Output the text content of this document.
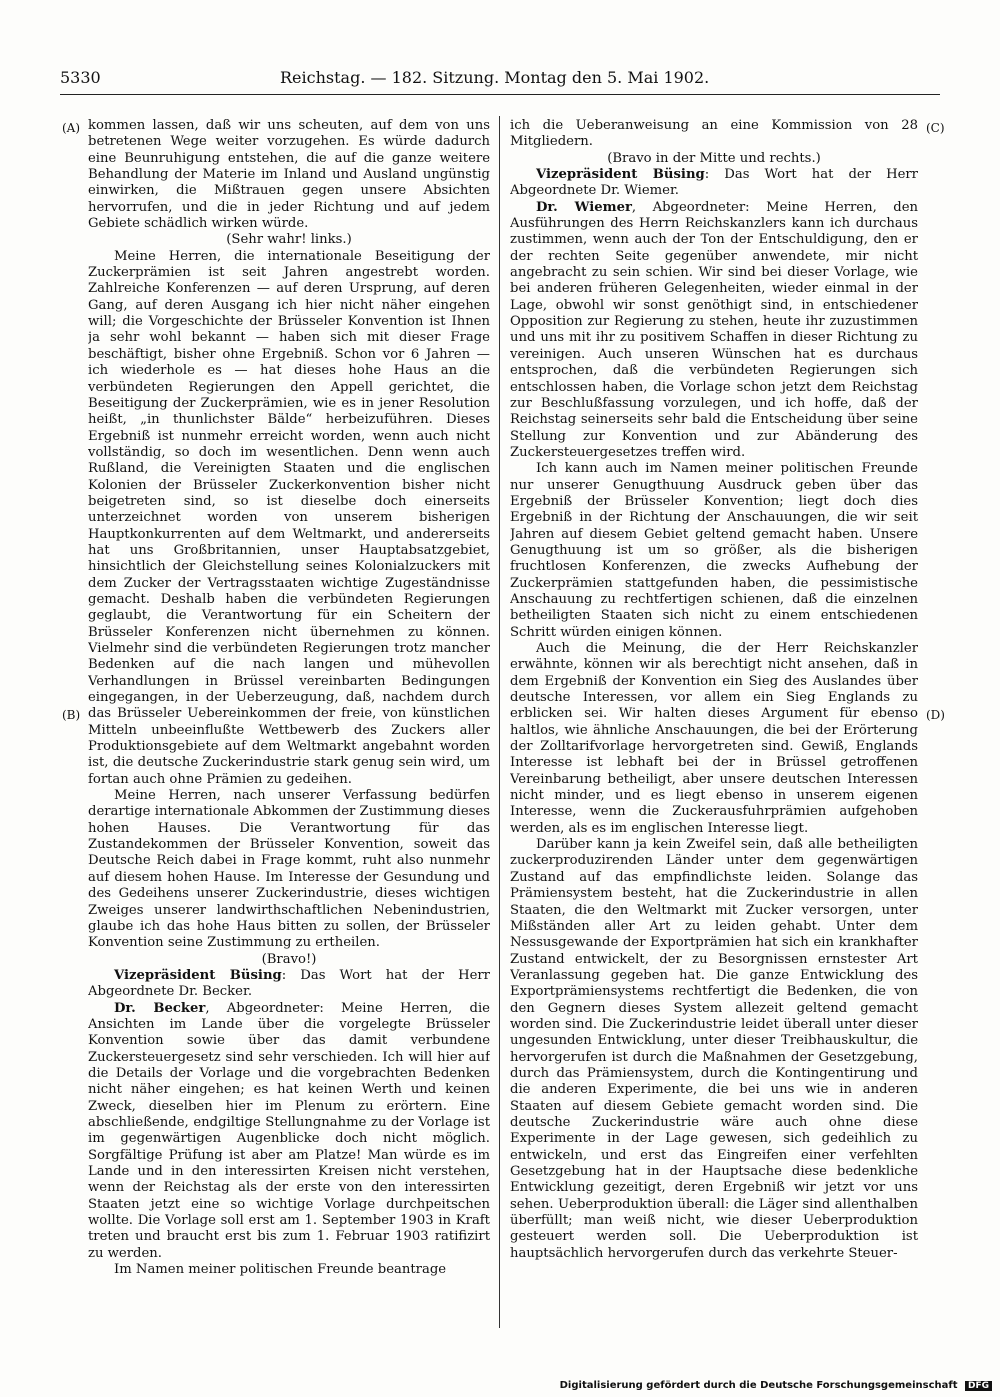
5330	Reichstag. — 182. Sitzung. Montag den 5. Mai 1902.
(A)
(B)
(C)
(D)

kommen lassen, daß wir uns scheuten, auf dem von uns betretenen Wege weiter vorzugehen. Es würde dadurch eine Beunruhigung entstehen, die auf die ganze weitere Behandlung der Materie im Inland und Ausland ungünstig einwirken, die Mißtrauen gegen unsere Absichten hervorrufen, und die in jeder Richtung und auf jedem Gebiete schädlich wirken würde.

(Sehr wahr! links.)

Meine Herren, die internationale Beseitigung der Zuckerprämien ist seit Jahren angestrebt worden. Zahlreiche Konferenzen — auf deren Ursprung, auf deren Gang, auf deren Ausgang ich hier nicht näher eingehen will; die Vorgeschichte der Brüsseler Konvention ist Ihnen ja sehr wohl bekannt — haben sich mit dieser Frage beschäftigt, bisher ohne Ergebniß. Schon vor 6 Jahren — ich wiederhole es — hat dieses hohe Haus an die verbündeten Regierungen den Appell gerichtet, die Beseitigung der Zuckerprämien, wie es in jener Resolution heißt, „in thunlichster Bälde“ herbeizuführen. Dieses Ergebniß ist nunmehr erreicht worden, wenn auch nicht vollständig, so doch im wesentlichen. Denn wenn auch Rußland, die Vereinigten Staaten und die englischen Kolonien der Brüsseler Zuckerkonvention bisher nicht beigetreten sind, so ist dieselbe doch einerseits unterzeichnet worden von unserem bisherigen Hauptkonkurrenten auf dem Weltmarkt, und andererseits hat uns Großbritannien, unser Hauptabsatzgebiet, hinsichtlich der Gleichstellung seines Kolonialzuckers mit dem Zucker der Vertragsstaaten wichtige Zugeständnisse gemacht. Deshalb haben die verbündeten Regierungen geglaubt, die Verantwortung für ein Scheitern der Brüsseler Konferenzen nicht übernehmen zu können. Vielmehr sind die verbündeten Regierungen trotz mancher Bedenken auf die nach langen und mühevollen Verhandlungen in Brüssel vereinbarten Bedingungen eingegangen, in der Ueberzeugung, daß, nachdem durch das Brüsseler Uebereinkommen der freie, von künstlichen Mitteln unbeeinflußte Wettbewerb des Zuckers aller Produktionsgebiete auf dem Weltmarkt angebahnt worden ist, die deutsche Zuckerindustrie stark genug sein wird, um fortan auch ohne Prämien zu gedeihen.

Meine Herren, nach unserer Verfassung bedürfen derartige internationale Abkommen der Zustimmung dieses hohen Hauses. Die Verantwortung für das Zustandekommen der Brüsseler Konvention, soweit das Deutsche Reich dabei in Frage kommt, ruht also nunmehr auf diesem hohen Hause. Im Interesse der Gesundung und des Gedeihens unserer Zuckerindustrie, dieses wichtigen Zweiges unserer landwirthschaftlichen Nebenindustrien, glaube ich das hohe Haus bitten zu sollen, der Brüsseler Konvention seine Zustimmung zu ertheilen.

(Bravo!)

Vizepräsident Büsing: Das Wort hat der Herr Abgeordnete Dr. Becker.

Dr. Becker, Abgeordneter: Meine Herren, die Ansichten im Lande über die vorgelegte Brüsseler Konvention sowie über das damit verbundene Zuckersteuergesetz sind sehr verschieden. Ich will hier auf die Details der Vorlage und die vorgebrachten Bedenken nicht näher eingehen; es hat keinen Werth und keinen Zweck, dieselben hier im Plenum zu erörtern. Eine abschließende, endgiltige Stellungnahme zu der Vorlage ist im gegenwärtigen Augenblicke doch nicht möglich. Sorgfältige Prüfung ist aber am Platze! Man würde es im Lande und in den interessirten Kreisen nicht verstehen, wenn der Reichstag als der erste von den interessirten Staaten jetzt eine so wichtige Vorlage durchpeitschen wollte. Die Vorlage soll erst am 1. September 1903 in Kraft treten und braucht erst bis zum 1. Februar 1903 ratifizirt zu werden.

Im Namen meiner politischen Freunde beantrage

ich die Ueberanweisung an eine Kommission von 28 Mitgliedern.

(Bravo in der Mitte und rechts.)

Vizepräsident Büsing: Das Wort hat der Herr Abgeordnete Dr. Wiemer.

Dr. Wiemer, Abgeordneter: Meine Herren, den Ausführungen des Herrn Reichskanzlers kann ich durchaus zustimmen, wenn auch der Ton der Entschuldigung, den er der rechten Seite gegenüber anwendete, mir nicht angebracht zu sein schien. Wir sind bei dieser Vorlage, wie bei anderen früheren Gelegenheiten, wieder einmal in der Lage, obwohl wir sonst genöthigt sind, in entschiedener Opposition zur Regierung zu stehen, heute ihr zuzustimmen und uns mit ihr zu positivem Schaffen in dieser Richtung zu vereinigen. Auch unseren Wünschen hat es durchaus entsprochen, daß die verbündeten Regierungen sich entschlossen haben, die Vorlage schon jetzt dem Reichstag zur Beschlußfassung vorzulegen, und ich hoffe, daß der Reichstag seinerseits sehr bald die Entscheidung über seine Stellung zur Konvention und zur Abänderung des Zuckersteuergesetzes treffen wird.

Ich kann auch im Namen meiner politischen Freunde nur unserer Genugthuung Ausdruck geben über das Ergebniß der Brüsseler Konvention; liegt doch dies Ergebniß in der Richtung der Anschauungen, die wir seit Jahren auf diesem Gebiet geltend gemacht haben. Unsere Genugthuung ist um so größer, als die bisherigen fruchtlosen Konferenzen, die zwecks Aufhebung der Zuckerprämien stattgefunden haben, die pessimistische Anschauung zu rechtfertigen schienen, daß die einzelnen betheiligten Staaten sich nicht zu einem entschiedenen Schritt würden einigen können.

Auch die Meinung, die der Herr Reichskanzler erwähnte, können wir als berechtigt nicht ansehen, daß in dem Ergebniß der Konvention ein Sieg des Auslandes über deutsche Interessen, vor allem ein Sieg Englands zu erblicken sei. Wir halten dieses Argument für ebenso haltlos, wie ähnliche Anschauungen, die bei der Erörterung der Zolltarifvorlage hervorgetreten sind. Gewiß, Englands Interesse ist lebhaft bei der in Brüssel getroffenen Vereinbarung betheiligt, aber unsere deutschen Interessen nicht minder, und es liegt ebenso in unserem eigenen Interesse, wenn die Zuckerausfuhrprämien aufgehoben werden, als es im englischen Interesse liegt.

Darüber kann ja kein Zweifel sein, daß alle betheiligten zuckerproduzirenden Länder unter dem gegenwärtigen Zustand auf das empfindlichste leiden. Solange das Prämiensystem besteht, hat die Zuckerindustrie in allen Staaten, die den Weltmarkt mit Zucker versorgen, unter Mißständen aller Art zu leiden gehabt. Unter dem Nessusgewande der Exportprämien hat sich ein krankhafter Zustand entwickelt, der zu Besorgnissen ernstester Art Veranlassung gegeben hat. Die ganze Entwicklung des Exportprämiensystems rechtfertigt die Bedenken, die von den Gegnern dieses System allezeit geltend gemacht worden sind. Die Zuckerindustrie leidet überall unter dieser ungesunden Entwicklung, unter dieser Treibhauskultur, die hervorgerufen ist durch die Maßnahmen der Gesetzgebung, durch das Prämiensystem, durch die Kontingentirung und die anderen Experimente, die bei uns wie in anderen Staaten auf diesem Gebiete gemacht worden sind. Die deutsche Zuckerindustrie wäre auch ohne diese Experimente in der Lage gewesen, sich gedeihlich zu entwickeln, und erst das Eingreifen einer verfehlten Gesetzgebung hat in der Hauptsache diese bedenkliche Entwicklung gezeitigt, deren Ergebniß wir jetzt vor uns sehen. Ueberproduktion überall: die Läger sind allenthalben überfüllt; man weiß nicht, wie dieser Ueberproduktion gesteuert werden soll. Die Ueberproduktion ist hauptsächlich hervorgerufen durch das verkehrte Steuer-

Digitalisierung gefördert durch die Deutsche Forschungsgemeinschaft DFG
